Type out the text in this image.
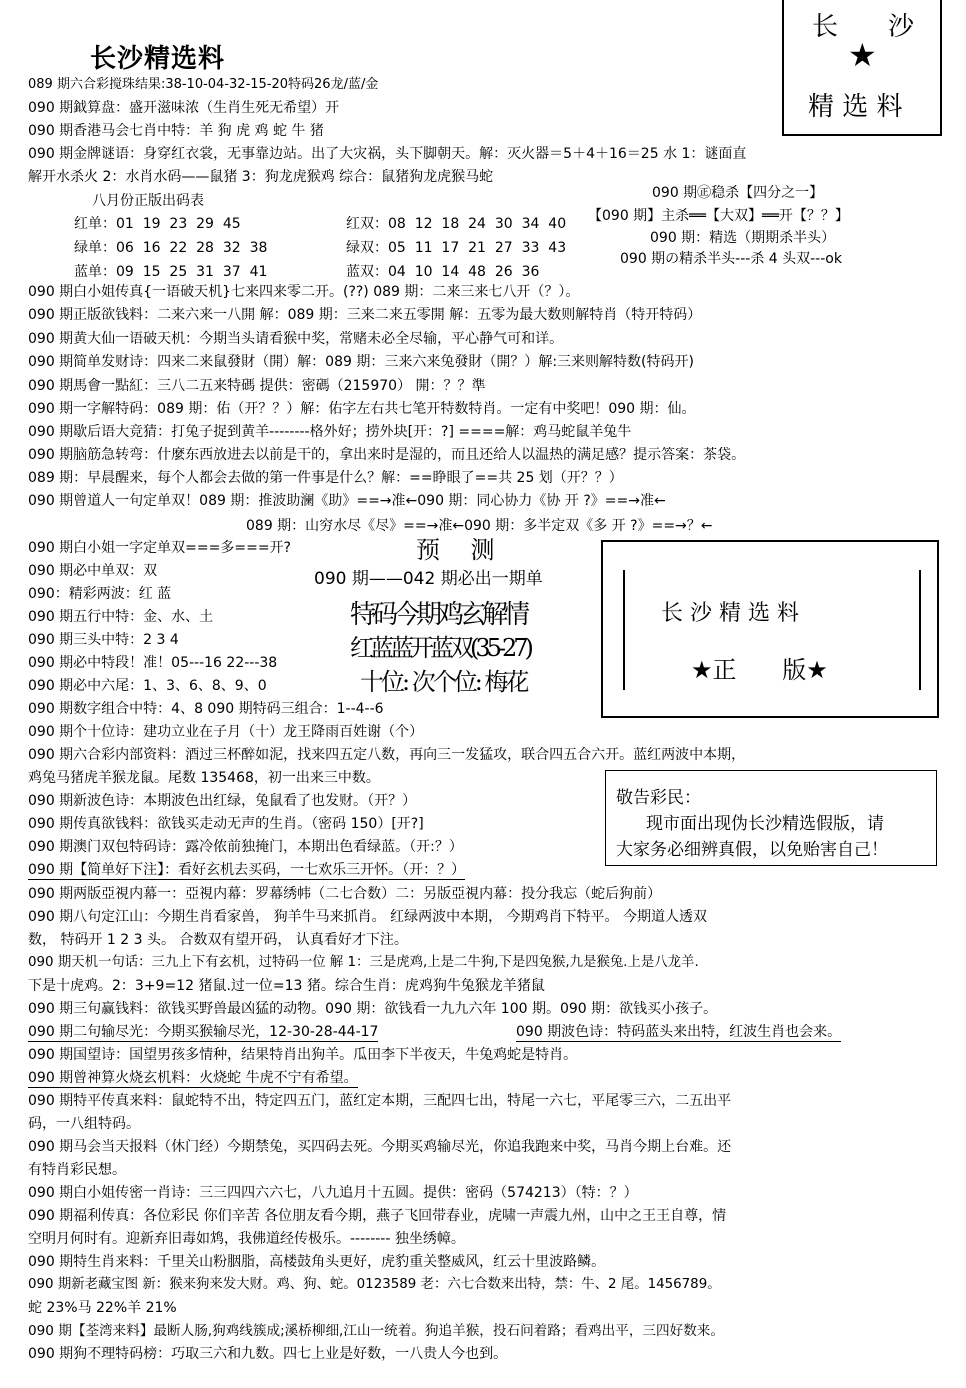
长沙精选料
长 沙
★
精 选 料
089 期六合彩搅珠结果:38-10-04-32-15-20特码26龙/蓝/金
090 期鉞算盘：盛开滋味浓（生肖生死无希望）开
090 期香港马会七肖中特：羊 狗 虎 鸡 蛇 牛 猪
090 期金牌谜语：身穿红衣裳，无事靠边站。出了大灾祸，头下脚朝天。解：灭火器＝5＋4＋16＝25 水 1：谜面直
解开水杀火 2：水肖水码——鼠猪 3：狗龙虎猴鸡 综合：鼠猪狗龙虎猴马蛇
八月份正版出码表
红单：01  19  23  29  45
绿单：06  16  22  28  32  38
蓝单：09  15  25  31  37  41
红双：08  12  18  24  30  34  40
绿双：05  11  17  21  27  33  43
蓝双：04  10  14  48  26  36
090 期㊣稳杀【四分之一】
【090 期】主杀══【大双】══开【？？】
090 期：精选（期期杀半头）
090 期の精杀半头---杀 4 头双---ok
090 期白小姐传真{一语破天机}七来四来零二开。(??) 089 期：二来三来七八开（？）。
090 期正版欲钱料：二来六来一八開 解：089 期：三来二来五零開 解：五零为最大数则解特肖（特开特码）
090 期黄大仙一语破天机：今期当头请看猴中奖，常赌未必全尽输，平心静气可和详。
090 期简单发财诗：四来二来鼠發財（開）解：089 期：三来六来兔發財（開？）解:三来则解特数(特码开)
090 期馬會一點紅：三八二五来特碼 提供：密碼（215970） 開：？？準
090 期一字解特码：089 期：佑（开？？）解：佑字左右共七笔开特数特肖。一定有中奖吧！090 期：仙。
090 期歇后语大竞猜：打兔子捉到黄羊--------格外好；捞外块[开：?] ====解：鸡马蛇鼠羊兔牛
090 期脑筋急转弯：什麼东西放进去以前是干的，拿出来时是湿的，而且还给人以温热的满足感？提示答案：茶袋。
089 期：早晨醒来，每个人都会去做的第一件事是什么？解：==睁眼了==共 25 划（开？？）
090 期曾道人一句定单双！089 期：推波助澜《助》==→准←090 期：同心协力《协 开 ?》==→准←
089 期：山穷水尽《尽》==→准←090 期：多半定双《多 开 ?》==→？←
090 期白小姐一字定单双===多===开?
090 期必中单双：双
090：精彩两波：红 蓝
090 期五行中特：金、水、土
090 期三头中特：2 3 4
090 期必中特段！准！05---16 22---38
090 期必中六尾：1、3、6、8、9、0
090 期数字组合中特：4、8 090 期特码三组合：1--4--6
090 期个十位诗：建功立业在子月（十）龙王降雨百姓谢（个）
预    测
090 期——042 期必出一期单
特码今期鸡玄解情
红蓝蓝开蓝双(35-27)
十位: 次个位: 梅花
长 沙 精 选 料
★正      版★
敬告彩民：
现市面出现伪长沙精选假版，请
大家务必细辨真假，以免贻害自己！
090 期六合彩内部资料：酒过三杯醉如泥，找来四五定八数，再向三一发猛攻，联合四五合六开。蓝红两波中本期，
鸡兔马猪虎羊猴龙鼠。尾数 135468，初一出来三中数。
090 期新波色诗：本期波色出红绿，兔鼠看了也发财。（开？）
090 期传真欲钱料：欲钱买走动无声的生肖。（密码 150）[开?]
090 期澳门双包特码诗：露冷侬前独掩门，本期出色看绿蓝。（开:？）
090 期【简单好下注】：看好玄机去买码，一七欢乐三开怀。（开：？）
090 期两版亞視内幕一：亞視内幕：罗幕绣帏（二七合数）二：另版亞視内幕：投分我忘（蛇后狗前）
090 期八句定江山：今期生肖看家兽， 狗羊牛马来抓肖。 红绿两波中本期， 今期鸡肖下特平。 今期道人透双
数， 特码开 1 2 3 头。 合数双有望开码， 认真看好才下注。
090 期天机一句话：三九上下有玄机，过特码一位 解 1：三是虎鸡,上是二牛狗,下是四兔猴,九是猴兔.上是八龙羊.
下是十虎鸡。2：3+9=12 猪鼠.过一位=13 猪。综合生肖：虎鸡狗牛兔猴龙羊猪鼠
090 期三句赢钱料：欲钱买野兽最凶猛的动物。090 期：欲钱看一九九六年 100 期。090 期：欲钱买小孩子。
090 期二句输尽光：今期买猴输尽光，12-30-28-44-17	090 期波色诗：特码蓝头来出特，红波生肖也会来。
090 期国望诗：国望男孩多情种，结果特肖出狗羊。瓜田李下半夜天，牛兔鸡蛇是特肖。
090 期曾神算火烧玄机料：火烧蛇 牛虎不宁有希望。
090 期特平传真来料：鼠蛇特不出，特定四五门，蓝红定本期，三配四七出，特尾一六七，平尾零三六，二五出平
码，一八组特码。
090 期马会当天报料（休门经）今期禁兔，买四码去死。今期买鸡输尽光，你追我跑来中奖，马肖今期上台难。还
有特肖彩民想。
090 期白小姐传密一肖诗：三三四四六六七，八九追月十五圆。提供：密码（574213）（特：？）
090 期福利传真：各位彩民 你们辛苦 各位朋友看今期，燕子飞回带春业，虎啸一声震九州，山中之王王自尊，情
空明月何时有。迎新弃旧毒如鸩，我佛道经传极乐。-------- 独坐绣幛。
090 期特生肖来料：千里关山粉胭脂，高楼鼓角头更好，虎豹重关整威风，红云十里波路鳞。
090 期新老藏宝图 新：猴来狗来发大财。鸡、狗、蛇。0123589 老：六七合数来出特，禁：牛、2 尾。1456789。
蛇 23%马 22%羊 21%
090 期【荃湾来料】最断人肠,狗鸡线簇成;溪桥柳细,江山一统着。狗追羊猴，投石问着路；看鸡出平，三四好数来。
090 期狗不理特码榜：巧取三六和九数。四七上业是好数，一八贵人今也到。
